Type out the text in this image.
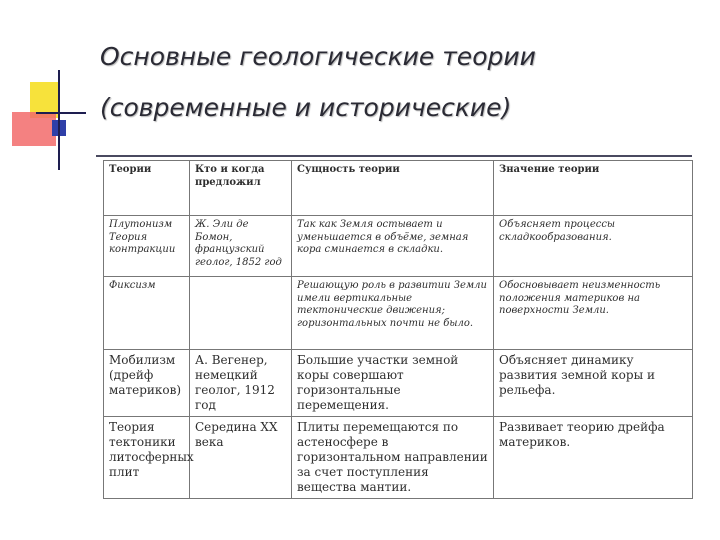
Основные геологические теории
(современные и исторические)
Теории	Кто и когда предложил	Сущность теории	Значение теории
Плутонизм Теория контракции	Ж. Эли де Бомон, французский геолог, 1852 год	Так как Земля остывает и уменьшается в объёме, земная кора сминается в складки.	Объясняет процессы складкообразования.
Фиксизм		Решающую роль в развитии Земли имели вертикальные тектонические движения; горизонтальных почти не было.	Обосновывает неизменность положения материков на поверхности Земли.
Мобилизм (дрейф материков)	А. Вегенер, немецкий геолог, 1912 год	Большие участки земной коры совершают горизонтальные перемещения.	Объясняет динамику развития земной коры и рельефа.
Теория тектоники литосферных плит	Середина XX века	Плиты перемещаются по астеносфере в горизонтальном направлении за счет поступления вещества мантии.	Развивает теорию дрейфа материков.
